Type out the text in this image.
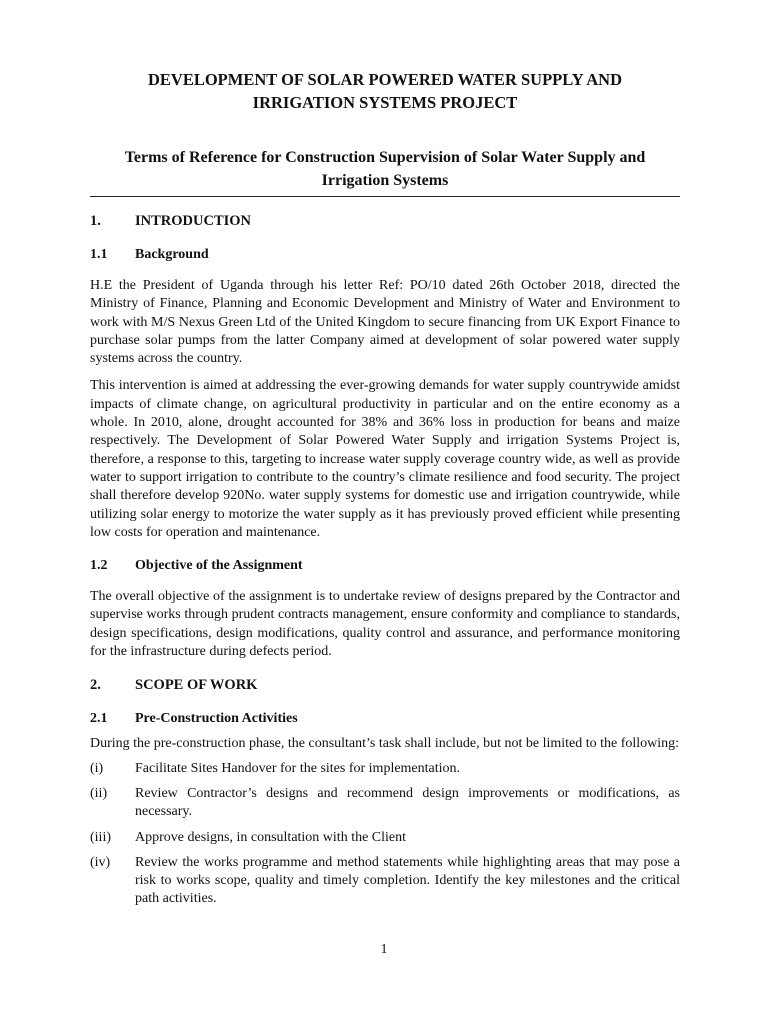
DEVELOPMENT OF SOLAR POWERED WATER SUPPLY AND
IRRIGATION SYSTEMS PROJECT
Terms of Reference for Construction Supervision of Solar Water Supply and
Irrigation Systems
1.	INTRODUCTION
1.1	Background

H.E the President of Uganda through his letter Ref: PO/10 dated 26th October 2018, directed the Ministry of Finance, Planning and Economic Development and Ministry of Water and Environment to work with M/S Nexus Green Ltd of the United Kingdom to secure financing from UK Export Finance to purchase solar pumps from the latter Company aimed at development of solar powered water supply systems across the country.

This intervention is aimed at addressing the ever-growing demands for water supply countrywide amidst impacts of climate change, on agricultural productivity in particular and on the entire economy as a whole. In 2010, alone, drought accounted for 38% and 36% loss in production for beans and maize respectively. The Development of Solar Powered Water Supply and irrigation Systems Project is, therefore, a response to this, targeting to increase water supply coverage country wide, as well as provide water to support irrigation to contribute to the country’s climate resilience and food security. The project shall therefore develop 920No. water supply systems for domestic use and irrigation countrywide, while utilizing solar energy to motorize the water supply as it has previously proved efficient while presenting low costs for operation and maintenance.

1.2	Objective of the Assignment

The overall objective of the assignment is to undertake review of designs prepared by the Contractor and supervise works through prudent contracts management, ensure conformity and compliance to standards, design specifications, design modifications, quality control and assurance, and performance monitoring for the infrastructure during defects period.

2.	SCOPE OF WORK
2.1	Pre-Construction Activities

During the pre-construction phase, the consultant’s task shall include, but not be limited to the following:

(i)	Facilitate Sites Handover for the sites for implementation.
(ii)	Review Contractor’s designs and recommend design improvements or modifications, as necessary.
(iii)	Approve designs, in consultation with the Client
(iv)	Review the works programme and method statements while highlighting areas that may pose a risk to works scope, quality and timely completion. Identify the key milestones and the critical path activities.
1
